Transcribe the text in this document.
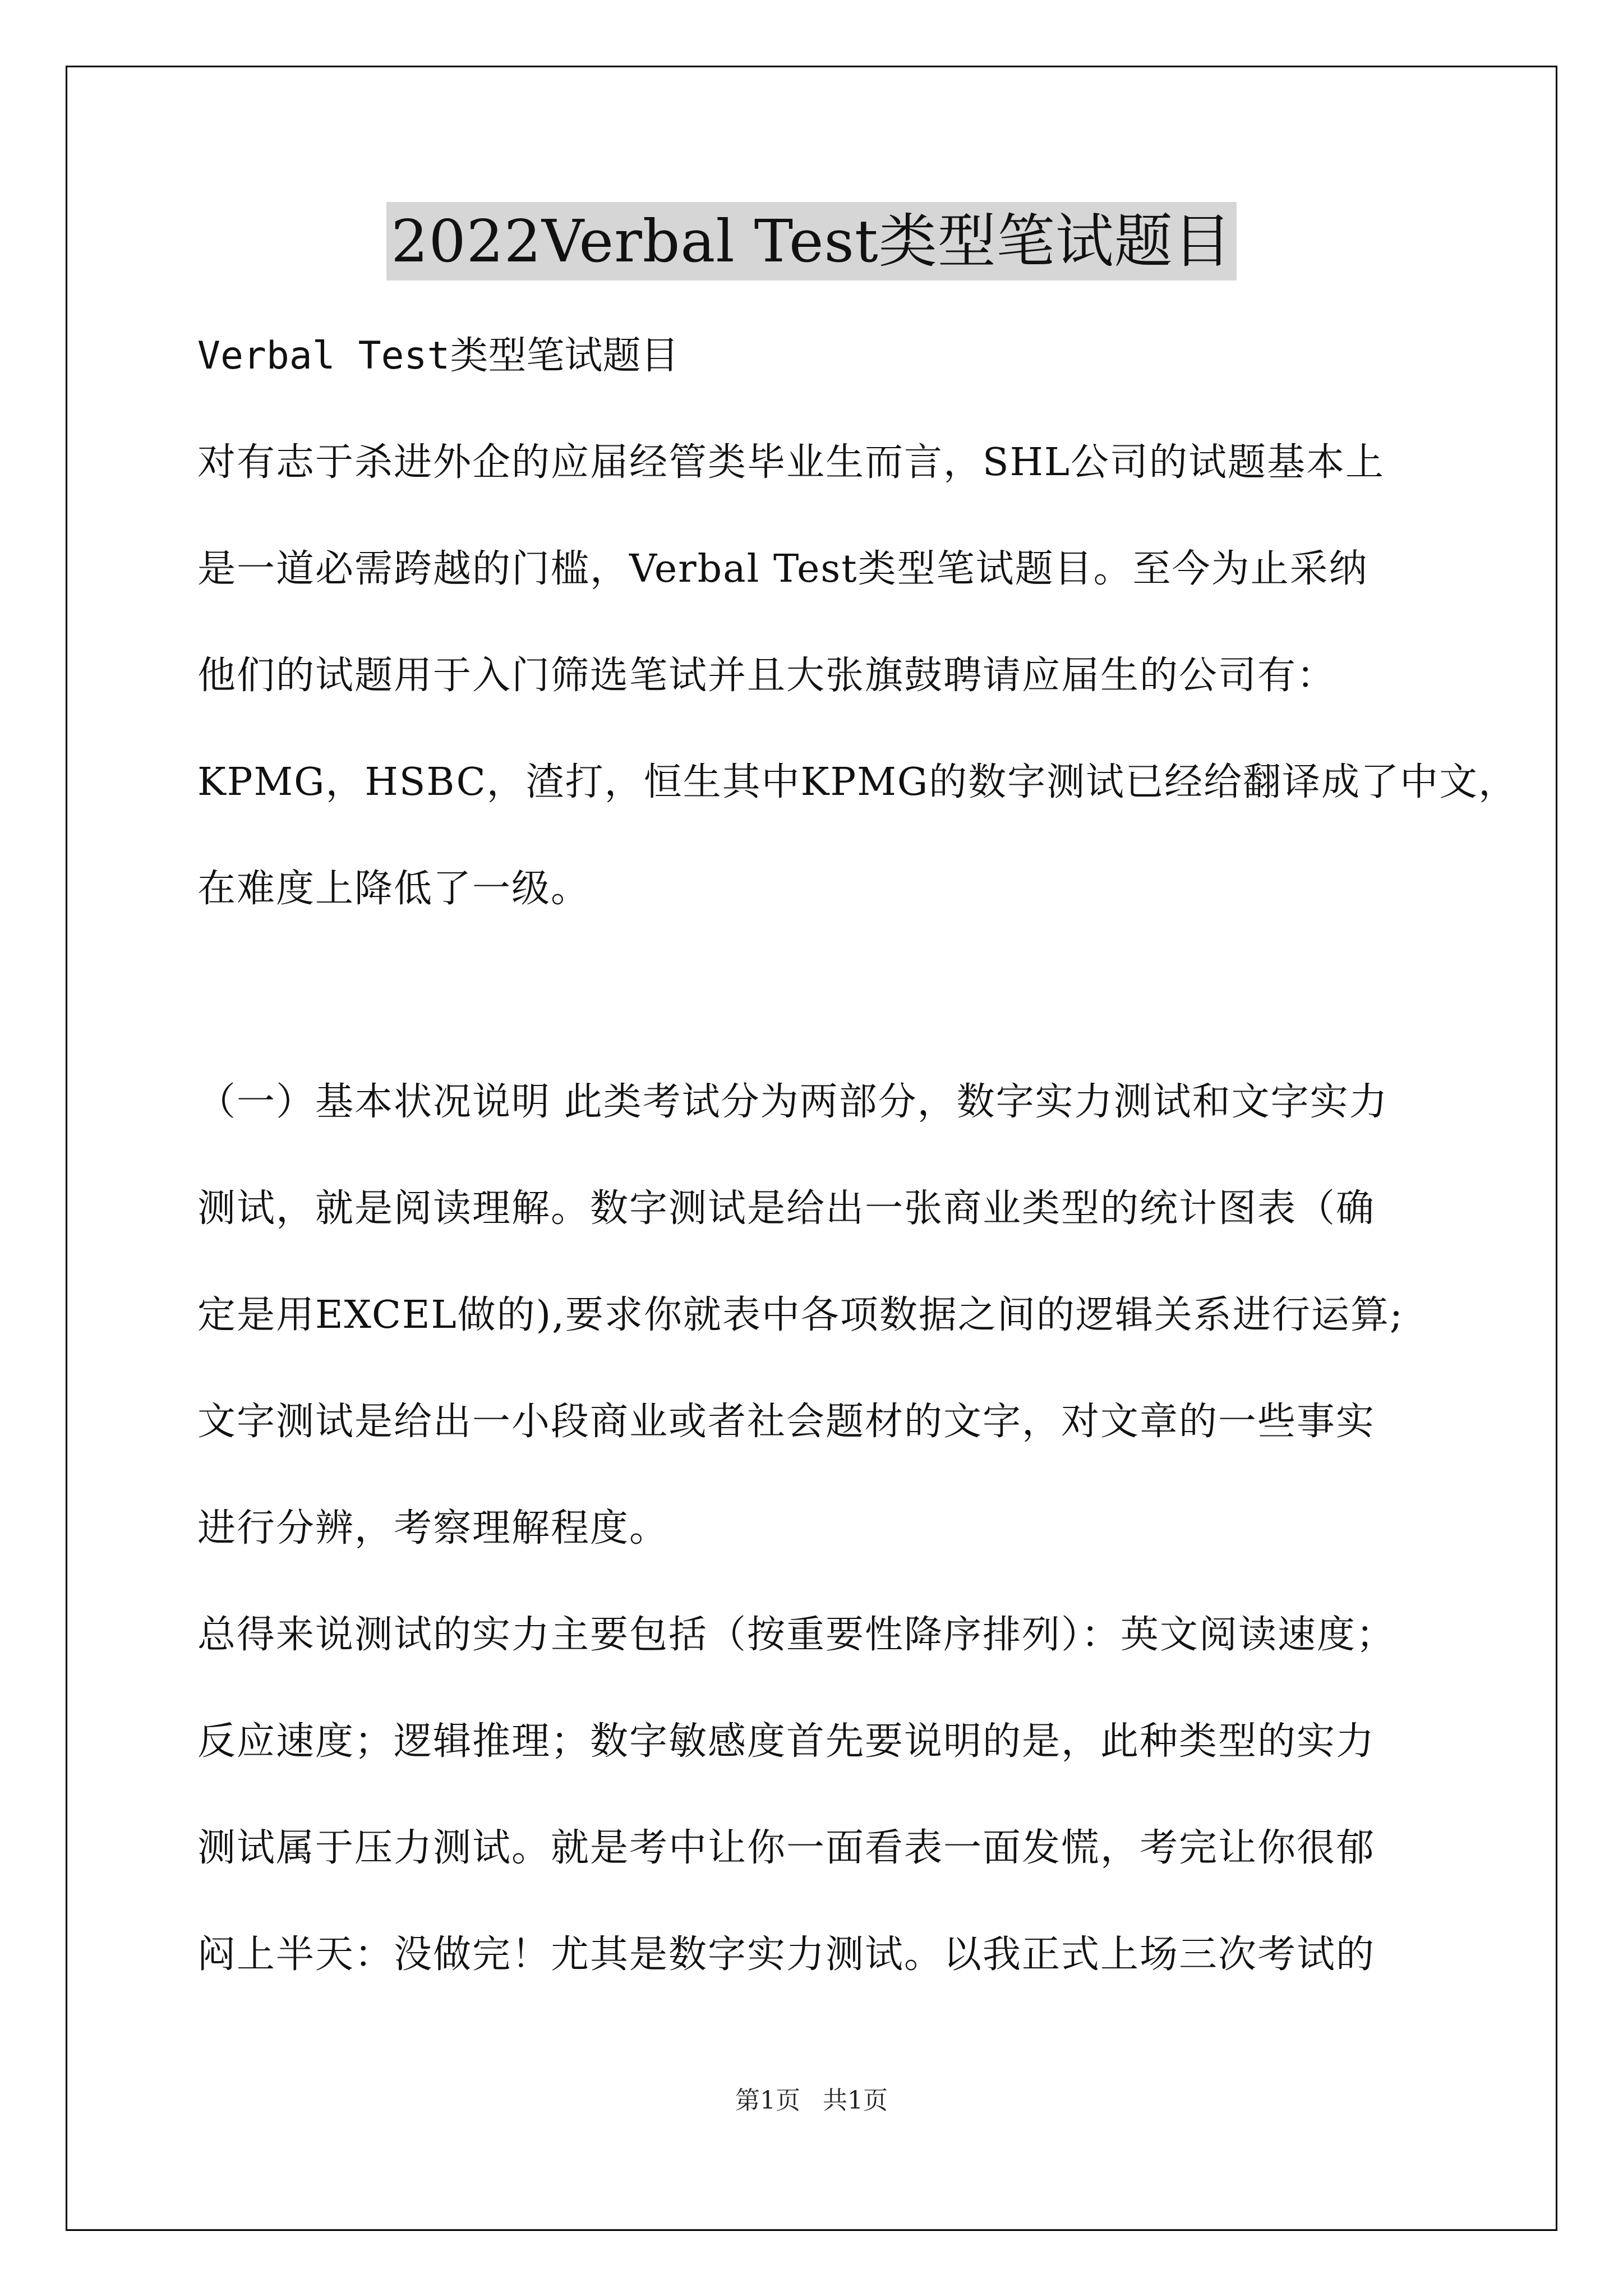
2022Verbal Test类型笔试题目
Verbal Test类型笔试题目
对有志于杀进外企的应届经管类毕业生而言，SHL公司的试题基本上
是一道必需跨越的门槛，Verbal Test类型笔试题目。至今为止采纳
他们的试题用于入门筛选笔试并且大张旗鼓聘请应届生的公司有：
KPMG，HSBC，渣打，恒生其中KPMG的数字测试已经给翻译成了中文，
在难度上降低了一级。
（一）基本状况说明 此类考试分为两部分，数字实力测试和文字实力
测试，就是阅读理解。数字测试是给出一张商业类型的统计图表（确
定是用EXCEL做的),要求你就表中各项数据之间的逻辑关系进行运算;
文字测试是给出一小段商业或者社会题材的文字，对文章的一些事实
进行分辨，考察理解程度。
总得来说测试的实力主要包括（按重要性降序排列）：英文阅读速度；
反应速度；逻辑推理；数字敏感度首先要说明的是，此种类型的实力
测试属于压力测试。就是考中让你一面看表一面发慌，考完让你很郁
闷上半天：没做完！尤其是数字实力测试。以我正式上场三次考试的
第1页 共1页
